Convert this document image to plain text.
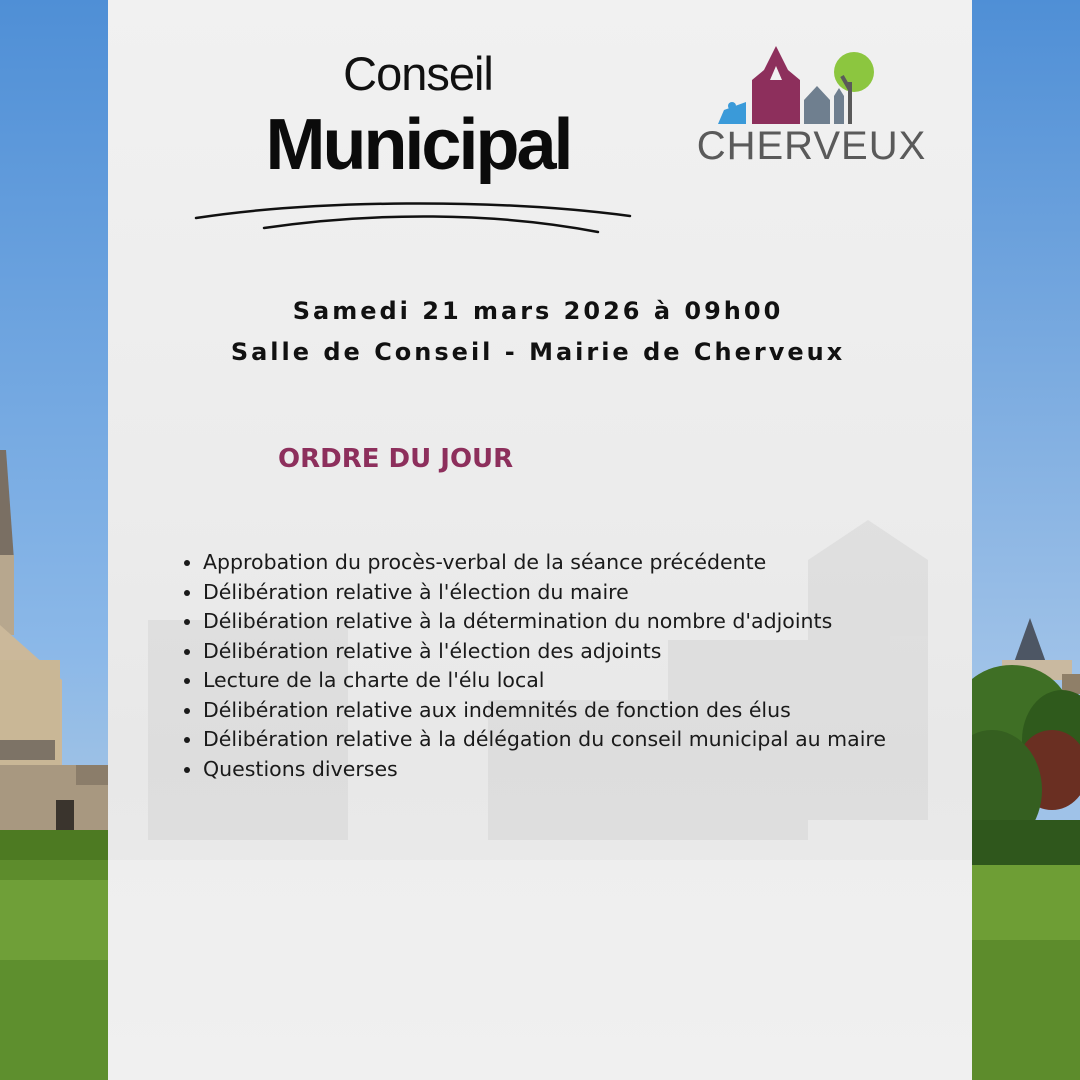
Conseil
Municipal	CHERVEUX
Samedi 21 mars 2026 à 09h00
Salle de Conseil - Mairie de Cherveux
ORDRE DU JOUR
Approbation du procès-verbal de la séance précédente
Délibération relative à l'élection du maire
Délibération relative à la détermination du nombre d'adjoints
Délibération relative à l'élection des adjoints
Lecture de la charte de l'élu local
Délibération relative aux indemnités de fonction des élus
Délibération relative à la délégation du conseil municipal au maire
Questions diverses
